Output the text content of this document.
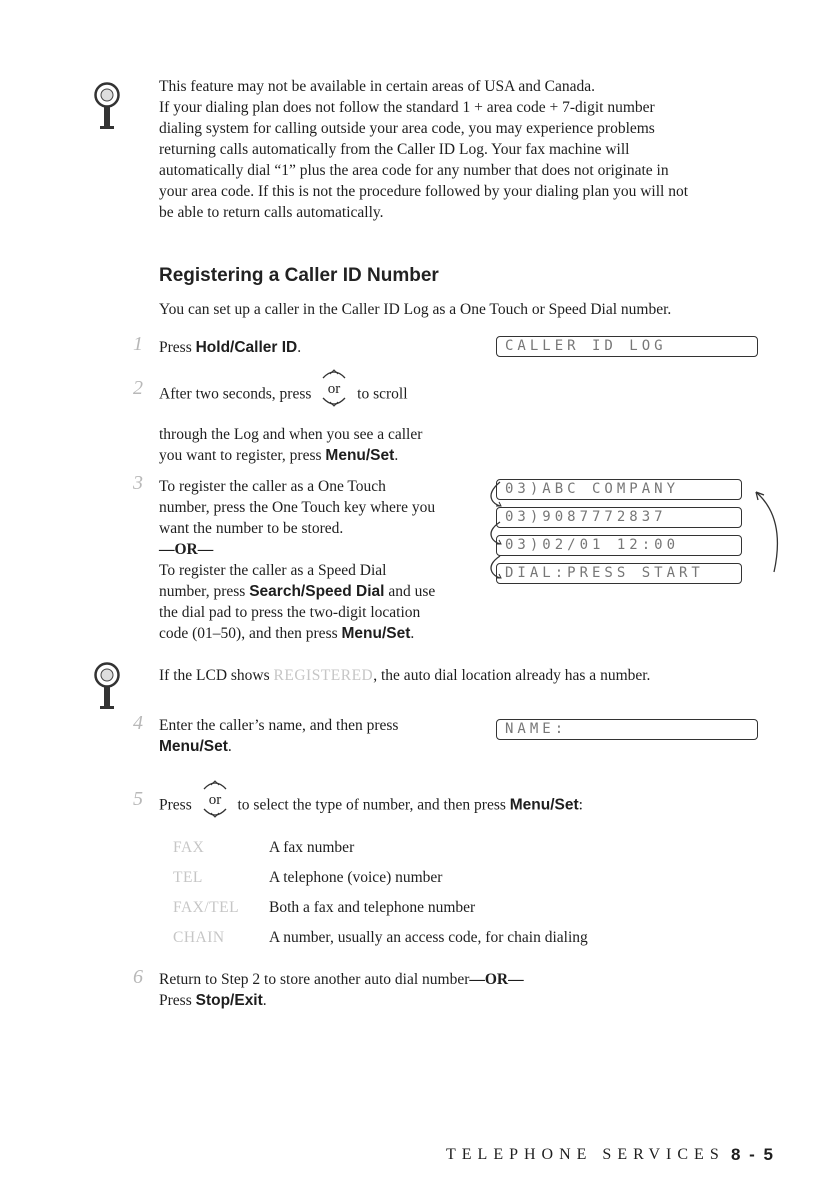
This feature may not be available in certain areas of USA and Canada.
If your dialing plan does not follow the standard 1 + area code + 7-digit number
dialing system for calling outside your area code, you may experience problems
returning calls automatically from the Caller ID Log. Your fax machine will
automatically dial “1” plus the area code for any number that does not originate in
your area code. If this is not the procedure followed by your dialing plan you will not
be able to return calls automatically.
Registering a Caller ID Number
You can set up a caller in the Caller ID Log as a One Touch or Speed Dial number.
1 Press Hold/Caller ID.	CALLER ID LOG
2 After two seconds, press or to scroll
through the Log and when you see a caller
you want to register, press Menu/Set.
3 To register the caller as a One Touch
number, press the One Touch key where you
want the number to be stored.
—OR—
To register the caller as a Speed Dial
number, press Search/Speed Dial and use
the dial pad to press the two-digit location
code (01–50), and then press Menu/Set.
03)ABC COMPANY
03)9087772837
03)02/01 12:00
DIAL:PRESS START
If the LCD shows REGISTERED, the auto dial location already has a number.
4 Enter the caller’s name, and then press
Menu/Set.
NAME:
5 Press or to select the type of number, and then press Menu/Set:
FAX	A fax number
TEL	A telephone (voice) number
FAX/TEL Both a fax and telephone number
CHAIN	A number, usually an access code, for chain dialing
6 Return to Step 2 to store another auto dial number—OR—
Press Stop/Exit.
TELEPHONE SERVICES 8 - 5
